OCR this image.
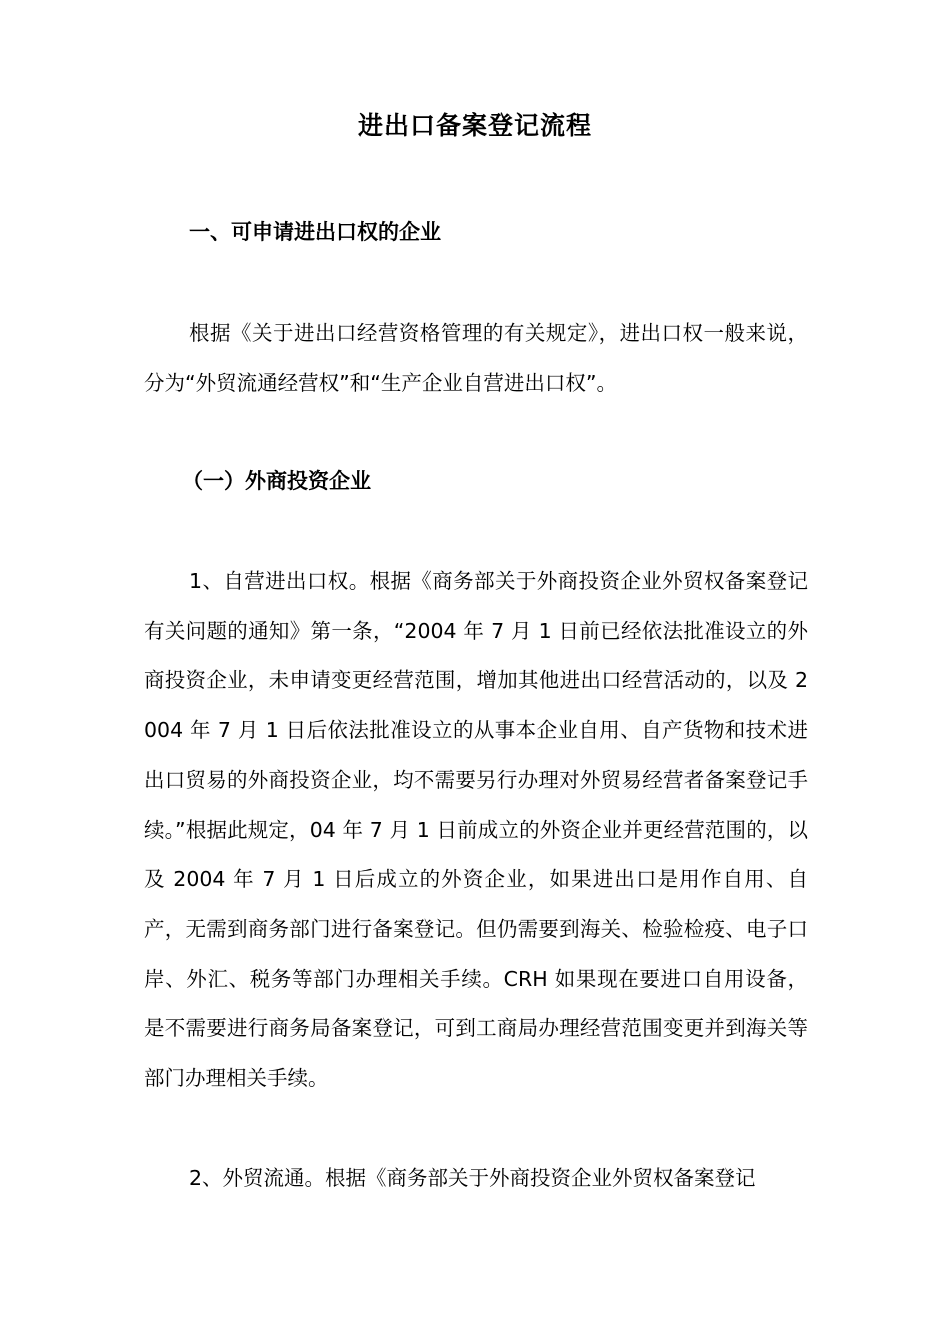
进出口备案登记流程
一、可申请进出口权的企业
根据《关于进出口经营资格管理的有关规定》，进出口权一般来说，分为“外贸流通经营权”和“生产企业自营进出口权”。
（一）外商投资企业
1、自营进出口权。根据《商务部关于外商投资企业外贸权备案登记有关问题的通知》第一条，“2004 年 7 月 1 日前已经依法批准设立的外商投资企业，未申请变更经营范围，增加其他进出口经营活动的，以及 2004 年 7 月 1 日后依法批准设立的从事本企业自用、自产货物和技术进出口贸易的外商投资企业，均不需要另行办理对外贸易经营者备案登记手续。”根据此规定，04 年 7 月 1 日前成立的外资企业并更经营范围的，以及 2004 年 7 月 1 日后成立的外资企业，如果进出口是用作自用、自产，无需到商务部门进行备案登记。但仍需要到海关、检验检疫、电子口岸、外汇、税务等部门办理相关手续。CRH 如果现在要进口自用设备，是不需要进行商务局备案登记，可到工商局办理经营范围变更并到海关等部门办理相关手续。
2、外贸流通。根据《商务部关于外商投资企业外贸权备案登记
